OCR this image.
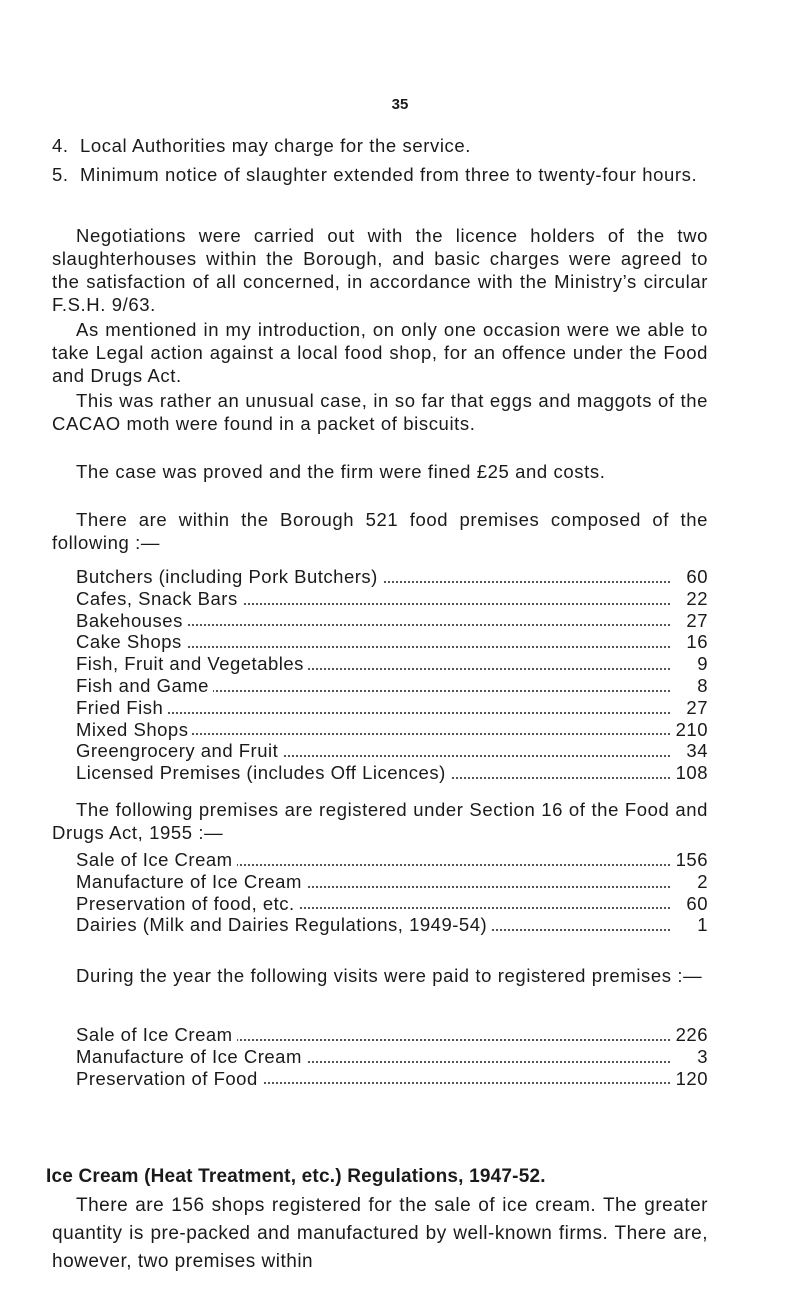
35
4. Local Authorities may charge for the service.
5. Minimum notice of slaughter extended from three to twenty-four hours.

Negotiations were carried out with the licence holders of the two slaughterhouses within the Borough, and basic charges were agreed to the satisfaction of all concerned, in accordance with the Ministry’s circular F.S.H. 9/63.

As mentioned in my introduction, on only one occasion were we able to take Legal action against a local food shop, for an offence under the Food and Drugs Act.

This was rather an unusual case, in so far that eggs and maggots of the CACAO moth were found in a packet of biscuits.

The case was proved and the firm were fined £25 and costs.

There are within the Borough 521 food premises composed of the following :—

Butchers (including Pork Butchers)	60
Cafes, Snack Bars	22
Bakehouses	27
Cake Shops	16
Fish, Fruit and Vegetables	9
Fish and Game	8
Fried Fish	27
Mixed Shops	210
Greengrocery and Fruit	34
Licensed Premises (includes Off Licences)	108

The following premises are registered under Section 16 of the Food and Drugs Act, 1955 :—

Sale of Ice Cream	156
Manufacture of Ice Cream	2
Preservation of food, etc.	60
Dairies (Milk and Dairies Regulations, 1949-54)	1

During the year the following visits were paid to registered premises :—

Sale of Ice Cream	226
Manufacture of Ice Cream	3
Preservation of Food	120
Ice Cream (Heat Treatment, etc.) Regulations, 1947-52.

There are 156 shops registered for the sale of ice cream. The greater quantity is pre-packed and manufactured by well-known firms. There are, however, two premises within
